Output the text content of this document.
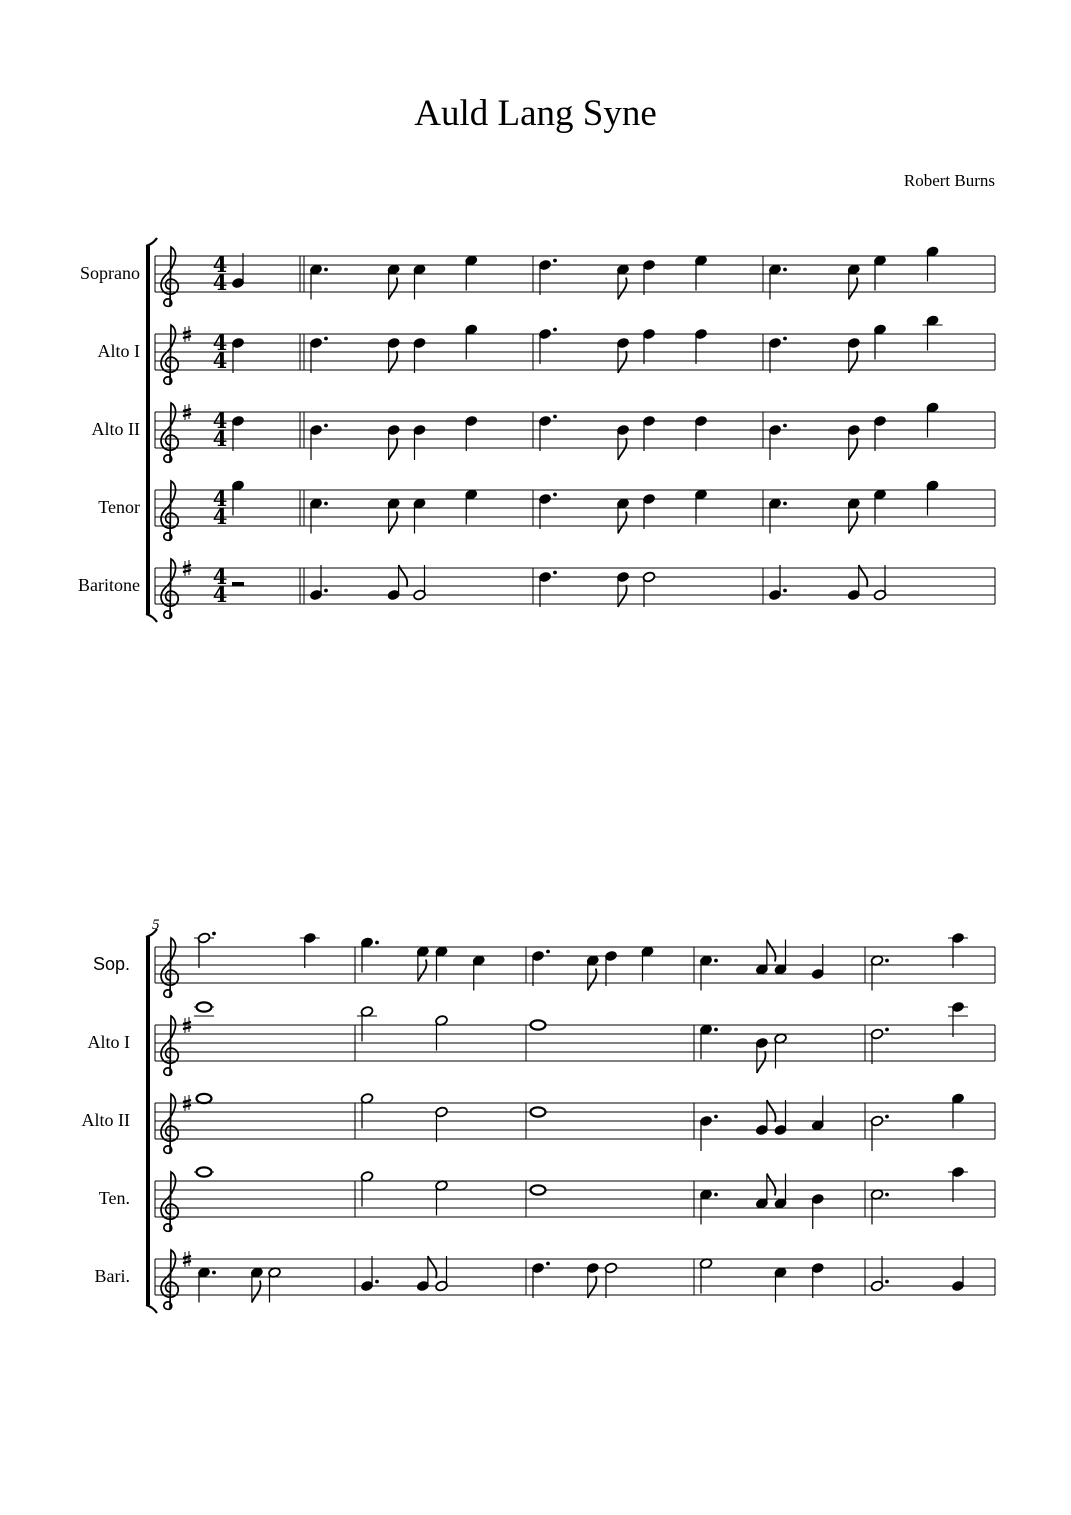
Auld Lang Syne
Robert Burns
Soprano	4
4
Alto I	4
4
Alto II	4
4
Tenor	4
4
Baritone	4
4
5
Sop.
Alto I
Alto II
Ten.
Bari.
